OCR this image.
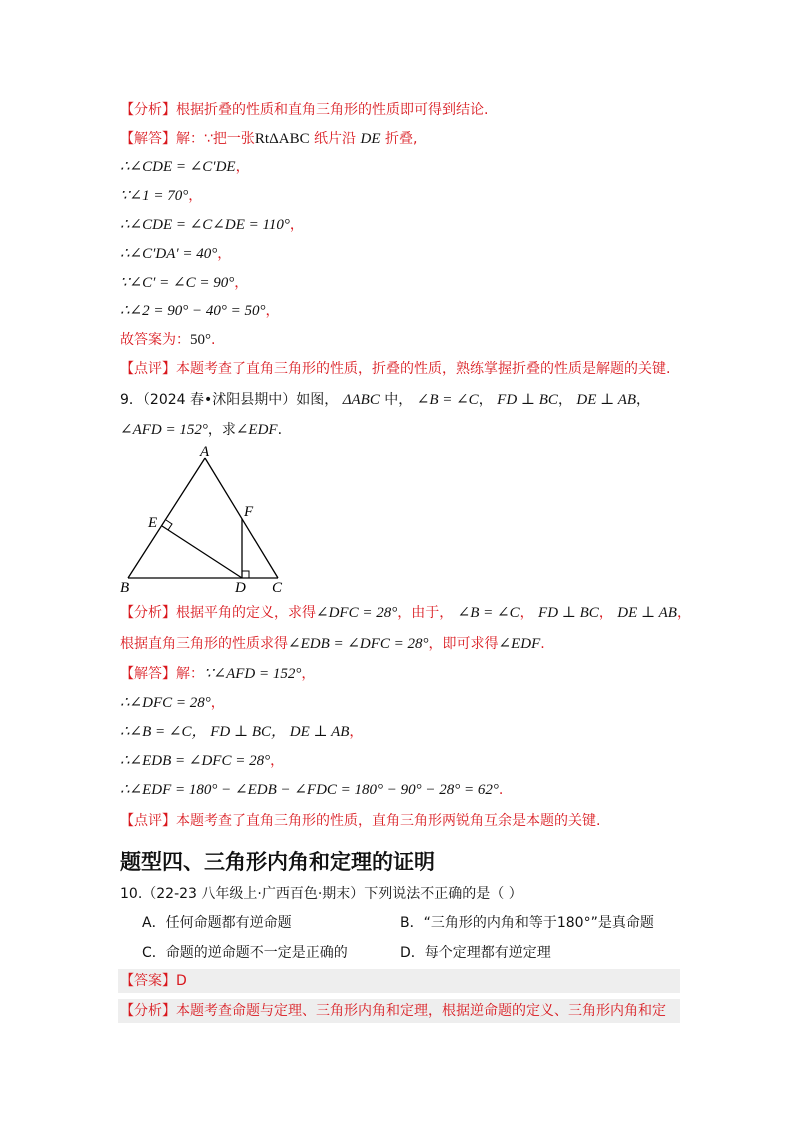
【分析】根据折叠的性质和直角三角形的性质即可得到结论.
【解答】解：∵把一张RtΔABC 纸片沿 DE 折叠,
∴∠CDE = ∠C′DE，
∵∠1 = 70°，
∴∠CDE = ∠C∠DE = 110°，
∴∠C′DA′ = 40°，
∵∠C′ = ∠C = 90°，
∴∠2 = 90° − 40° = 50°，
故答案为：50°.
【点评】本题考查了直角三角形的性质，折叠的性质，熟练掌握折叠的性质是解题的关键.
9．（2024 春•沭阳县期中）如图， ΔABC 中， ∠B = ∠C， FD ⊥ BC， DE ⊥ AB，
∠AFD = 152°，求∠EDF.
A
B	C
D
E
F
【分析】根据平角的定义，求得∠DFC = 28°，由于， ∠B = ∠C， FD ⊥ BC， DE ⊥ AB，
根据直角三角形的性质求得∠EDB = ∠DFC = 28°，即可求得∠EDF.
【解答】解：∵∠AFD = 152°，
∴∠DFC = 28°，
∴∠B = ∠C， FD ⊥ BC， DE ⊥ AB，
∴∠EDB = ∠DFC = 28°，
∴∠EDF = 180° − ∠EDB − ∠FDC = 180° − 90° − 28° = 62°.
【点评】本题考查了直角三角形的性质，直角三角形两锐角互余是本题的关键.
题型四、三角形内角和定理的证明
10.（22-23 八年级上·广西百色·期末）下列说法不正确的是（ ）
A．任何命题都有逆命题	B．“三角形的内角和等于180°”是真命题
C．命题的逆命题不一定是正确的	D．每个定理都有逆定理
【答案】D
【分析】本题考查命题与定理、三角形内角和定理，根据逆命题的定义、三角形内角和定
